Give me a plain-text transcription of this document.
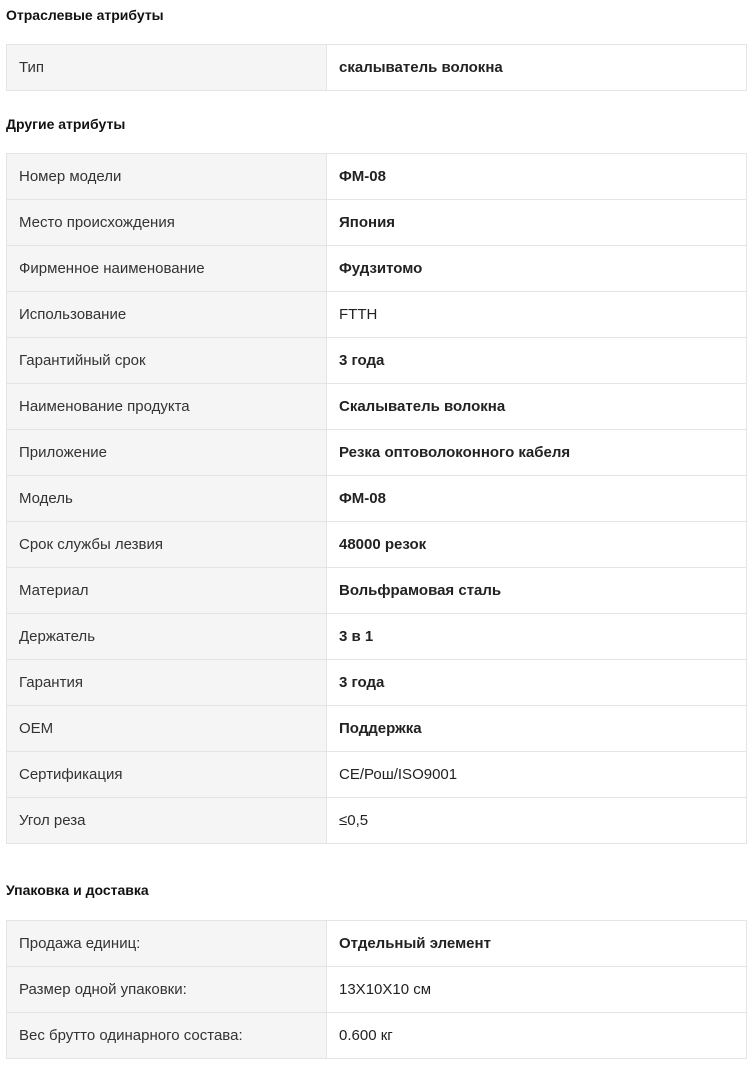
Отраслевые атрибуты
Тип	скалыватель волокна
Другие атрибуты
Номер модели	ФМ-08
Место происхождения	Япония
Фирменное наименование	Фудзитомо
Использование	FTTH
Гарантийный срок	3 года
Наименование продукта	Скалыватель волокна
Приложение	Резка оптоволоконного кабеля
Модель	ФМ-08
Срок службы лезвия	48000 резок
Материал	Вольфрамовая сталь
Держатель	3 в 1
Гарантия	3 года
OEM	Поддержка
Сертификация	CE/Рош/ISO9001
Угол реза	≤0,5
Упаковка и доставка
Продажа единиц:	Отдельный элемент
Размер одной упаковки:	13X10X10 см
Вес брутто одинарного состава:	0.600 кг
